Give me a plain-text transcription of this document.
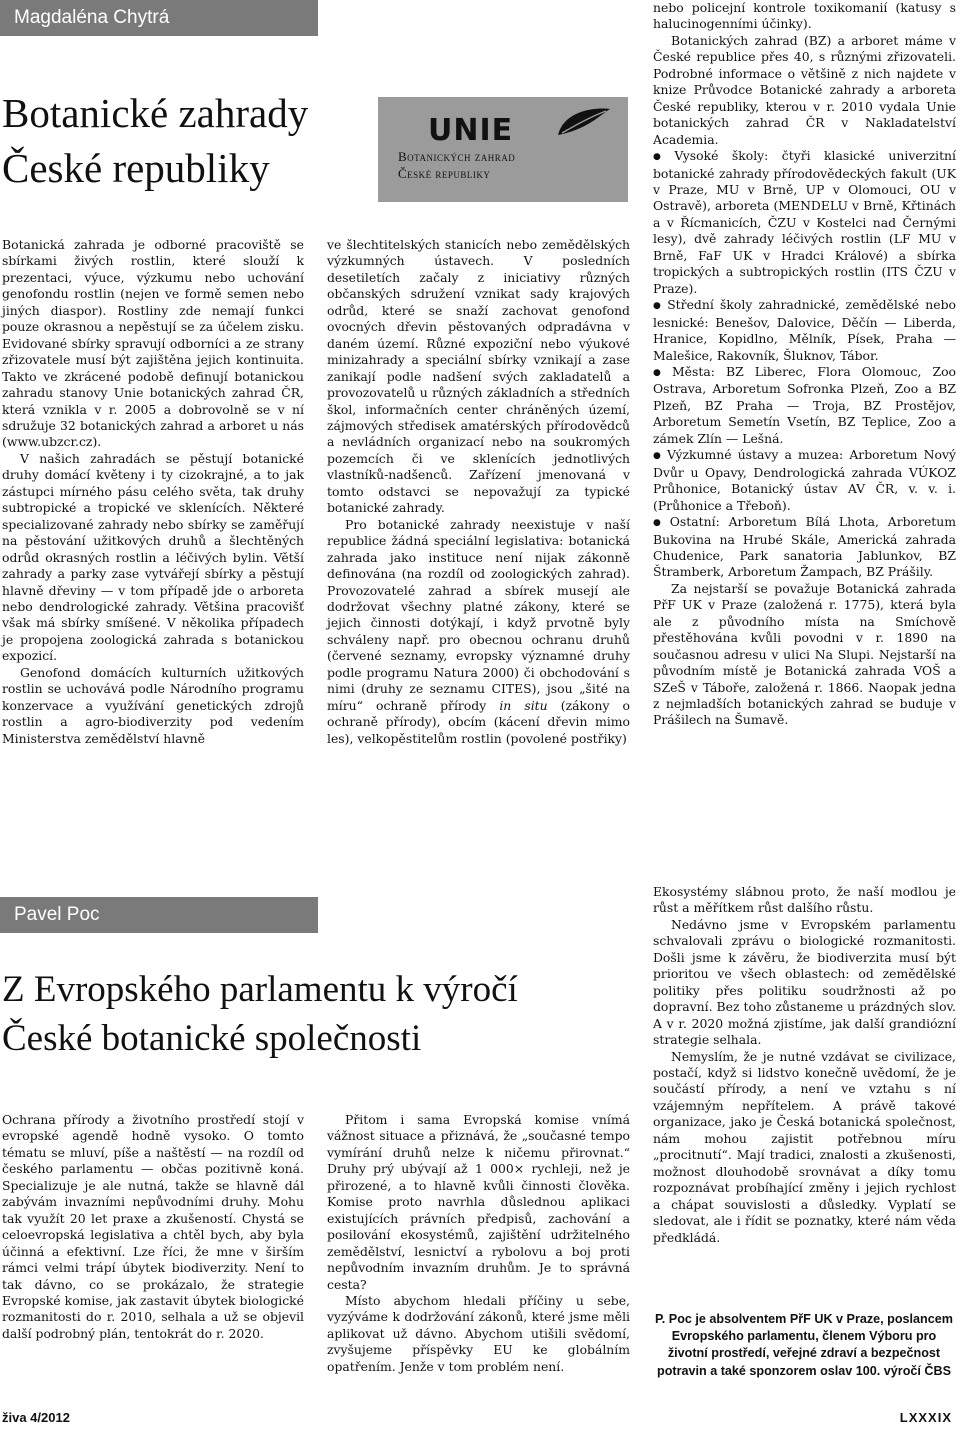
Magdaléna Chytrá
Botanické zahrady
České republiky
UNIE
Botanických zahrad
České republiky

Botanická zahrada je odborné pracoviště se sbírkami živých rostlin, které slouží k prezentaci, výuce, výzkumu nebo uchování genofondu rostlin (nejen ve formě semen nebo jiných diaspor). Rostliny zde nemají funkci pouze okrasnou a nepěstují se za účelem zisku. Evidované sbírky spravují odborníci a ze strany zřizovatele musí být zajištěna jejich kontinuita. Takto ve zkrácené podobě definují botanickou zahradu stanovy Unie botanických zahrad ČR, která vznikla v r. 2005 a dobrovolně se v ní sdružuje 32 botanických zahrad a arboret u nás (www.ubzcr.cz).

V našich zahradách se pěstují botanické druhy domácí květeny i ty cizokrajné, a to jak zástupci mírného pásu celého světa, tak druhy subtropické a tropické ve sklenících. Některé specializované zahrady nebo sbírky se zaměřují na pěstování užitkových druhů a šlechtěných odrůd okrasných rostlin a léčivých bylin. Větší zahrady a parky zase vytvářejí sbírky a pěstují hlavně dřeviny — v tom případě jde o arboreta nebo dendrologické zahrady. Většina pracovišť však má sbírky smíšené. V několika případech je propojena zoologická zahrada s botanickou expozicí.

Genofond domácích kulturních užitkových rostlin se uchovává podle Národního programu konzervace a využívání genetických zdrojů rostlin a agro-biodiverzity pod vedením Ministerstva zemědělství hlavně

ve šlechtitelských stanicích nebo zemědělských výzkumných ústavech. V posledních desetiletích začaly z iniciativy různých občanských sdružení vznikat sady krajových odrůd, které se snaží zachovat genofond ovocných dřevin pěstovaných odpradávna v daném území. Různé expoziční nebo výukové minizahrady a speciální sbírky vznikají a zase zanikají podle nadšení svých zakladatelů a provozovatelů u různých základních a středních škol, informačních center chráněných území, zájmových středisek amatérských přírodovědců a nevládních organizací nebo na soukromých pozemcích či ve sklenících jednotlivých vlastníků-nadšenců. Zařízení jmenovaná v tomto odstavci se nepovažují za typické botanické zahrady.

Pro botanické zahrady neexistuje v naší republice žádná speciální legislativa: botanická zahrada jako instituce není nijak zákonně definována (na rozdíl od zoologických zahrad). Provozovatelé zahrad a sbírek musejí ale dodržovat všechny platné zákony, které se jejich činnosti dotýkají, i když prvotně byly schváleny např. pro obecnou ochranu druhů (červené seznamy, evropsky významné druhy podle programu Natura 2000) či obchodování s nimi (druhy ze seznamu CITES), jsou „šité na míru“ ochraně přírody in situ (zákony o ochraně přírody), obcím (kácení dřevin mimo les), velkopěstitelům rostlin (povolené postřiky)

nebo policejní kontrole toxikomanií (katusy s halucinogenními účinky).

Botanických zahrad (BZ) a arboret máme v České republice přes 40, s různými zřizovateli. Podrobné informace o většině z nich najdete v knize Průvodce Botanické zahrady a arboreta České republiky, kterou v r. 2010 vydala Unie botanických zahrad ČR v Nakladatelství Academia.

● Vysoké školy: čtyři klasické univerzitní botanické zahrady přírodovědeckých fakult (UK v Praze, MU v Brně, UP v Olomouci, OU v Ostravě), arboreta (MENDELU v Brně, Křtinách a v Řícmanicích, ČZU v Kostelci nad Černými lesy), dvě zahrady léčivých rostlin (LF MU v Brně, FaF UK v Hradci Králové) a sbírka tropických a subtropických rostlin (ITS ČZU v Praze).

● Střední školy zahradnické, zemědělské nebo lesnické: Benešov, Dalovice, Děčín — Liberda, Hranice, Kopidlno, Mělník, Písek, Praha — Malešice, Rakovník, Šluknov, Tábor.

● Města: BZ Liberec, Flora Olomouc, Zoo Ostrava, Arboretum Sofronka Plzeň, Zoo a BZ Plzeň, BZ Praha — Troja, BZ Prostějov, Arboretum Semetín Vsetín, BZ Teplice, Zoo a zámek Zlín — Lešná.

● Výzkumné ústavy a muzea: Arboretum Nový Dvůr u Opavy, Dendrologická zahrada VÚKOZ Průhonice, Botanický ústav AV ČR, v. v. i. (Průhonice a Třeboň).

● Ostatní: Arboretum Bílá Lhota, Arboretum Bukovina na Hrubé Skále, Americká zahrada Chudenice, Park sanatoria Jablunkov, BZ Štramberk, Arboretum Žampach, BZ Prášily.

Za nejstarší se považuje Botanická zahrada PřF UK v Praze (založená r. 1775), která byla ale z původního místa na Smíchově přestěhována kvůli povodni v r. 1890 na současnou adresu v ulici Na Slupi. Nejstarší na původním místě je Botanická zahrada VOŠ a SZeŠ v Táboře, založená r. 1866. Naopak jedna z nejmladších botanických zahrad se buduje v Prášilech na Šumavě.

Pavel Poc
Z Evropského parlamentu k výročí
České botanické společnosti

Ochrana přírody a životního prostředí stojí v evropské agendě hodně vysoko. O tomto tématu se mluví, píše a naštěstí — na rozdíl od českého parlamentu — občas pozitivně koná. Specializuje je ale nutná, takže se hlavně dál zabývám invazními nepůvodními druhy. Mohu tak využít 20 let praxe a zkušeností. Chystá se celoevropská legislativa a chtěl bych, aby byla účinná a efektivní. Lze říci, že mne v širším rámci velmi trápí úbytek biodiverzity. Není to tak dávno, co se prokázalo, že strategie Evropské komise, jak zastavit úbytek biologické rozmanitosti do r. 2010, selhala a už se objevil další podrobný plán, tentokrát do r. 2020.

Přitom i sama Evropská komise vnímá vážnost situace a přiznává, že „současné tempo vymírání druhů nelze k ničemu přirovnat.“ Druhy prý ubývají až 1 000× rychleji, než je přirozené, a to hlavně kvůli činnosti člověka. Komise proto navrhla důslednou aplikaci existujících právních předpisů, zachování a posilování ekosystémů, zajištění udržitelného zemědělství, lesnictví a rybolovu a boj proti nepůvodním invazním druhům. Je to správná cesta?

Místo abychom hledali příčiny u sebe, vyzýváme k dodržování zákonů, které jsme měli aplikovat už dávno. Abychom utišili svědomí, zvyšujeme příspěvky EU ke globálním opatřením. Jenže v tom problém není.

Ekosystémy slábnou proto, že naší modlou je růst a měřítkem růst dalšího růstu.

Nedávno jsme v Evropském parlamentu schvalovali zprávu o biologické rozmanitosti. Došli jsme k závěru, že biodiverzita musí být prioritou ve všech oblastech: od zemědělské politiky přes politiku soudržnosti až po dopravní. Bez toho zůstaneme u prázdných slov. A v r. 2020 možná zjistíme, jak další grandiózní strategie selhala.

Nemyslím, že je nutné vzdávat se civilizace, postačí, když si lidstvo konečně uvědomí, že je součástí přírody, a není ve vztahu s ní vzájemným nepřítelem. A právě takové organizace, jako je Česká botanická společnost, nám mohou zajistit potřebnou míru „procitnutí“. Mají tradici, znalosti a zkušenosti, možnost dlouhodobě srovnávat a díky tomu rozpoznávat probíhající změny i jejich rychlost a chápat souvislosti a důsledky. Vyplatí se sledovat, ale i řídit se poznatky, které nám věda předkládá.

P. Poc je absolventem PřF UK v Praze, poslancem Evropského parlamentu, členem Výboru pro životní prostředí, veřejné zdraví a bezpečnost potravin a také sponzorem oslav 100. výročí ČBS
živa 4/2012	LXXXIX
